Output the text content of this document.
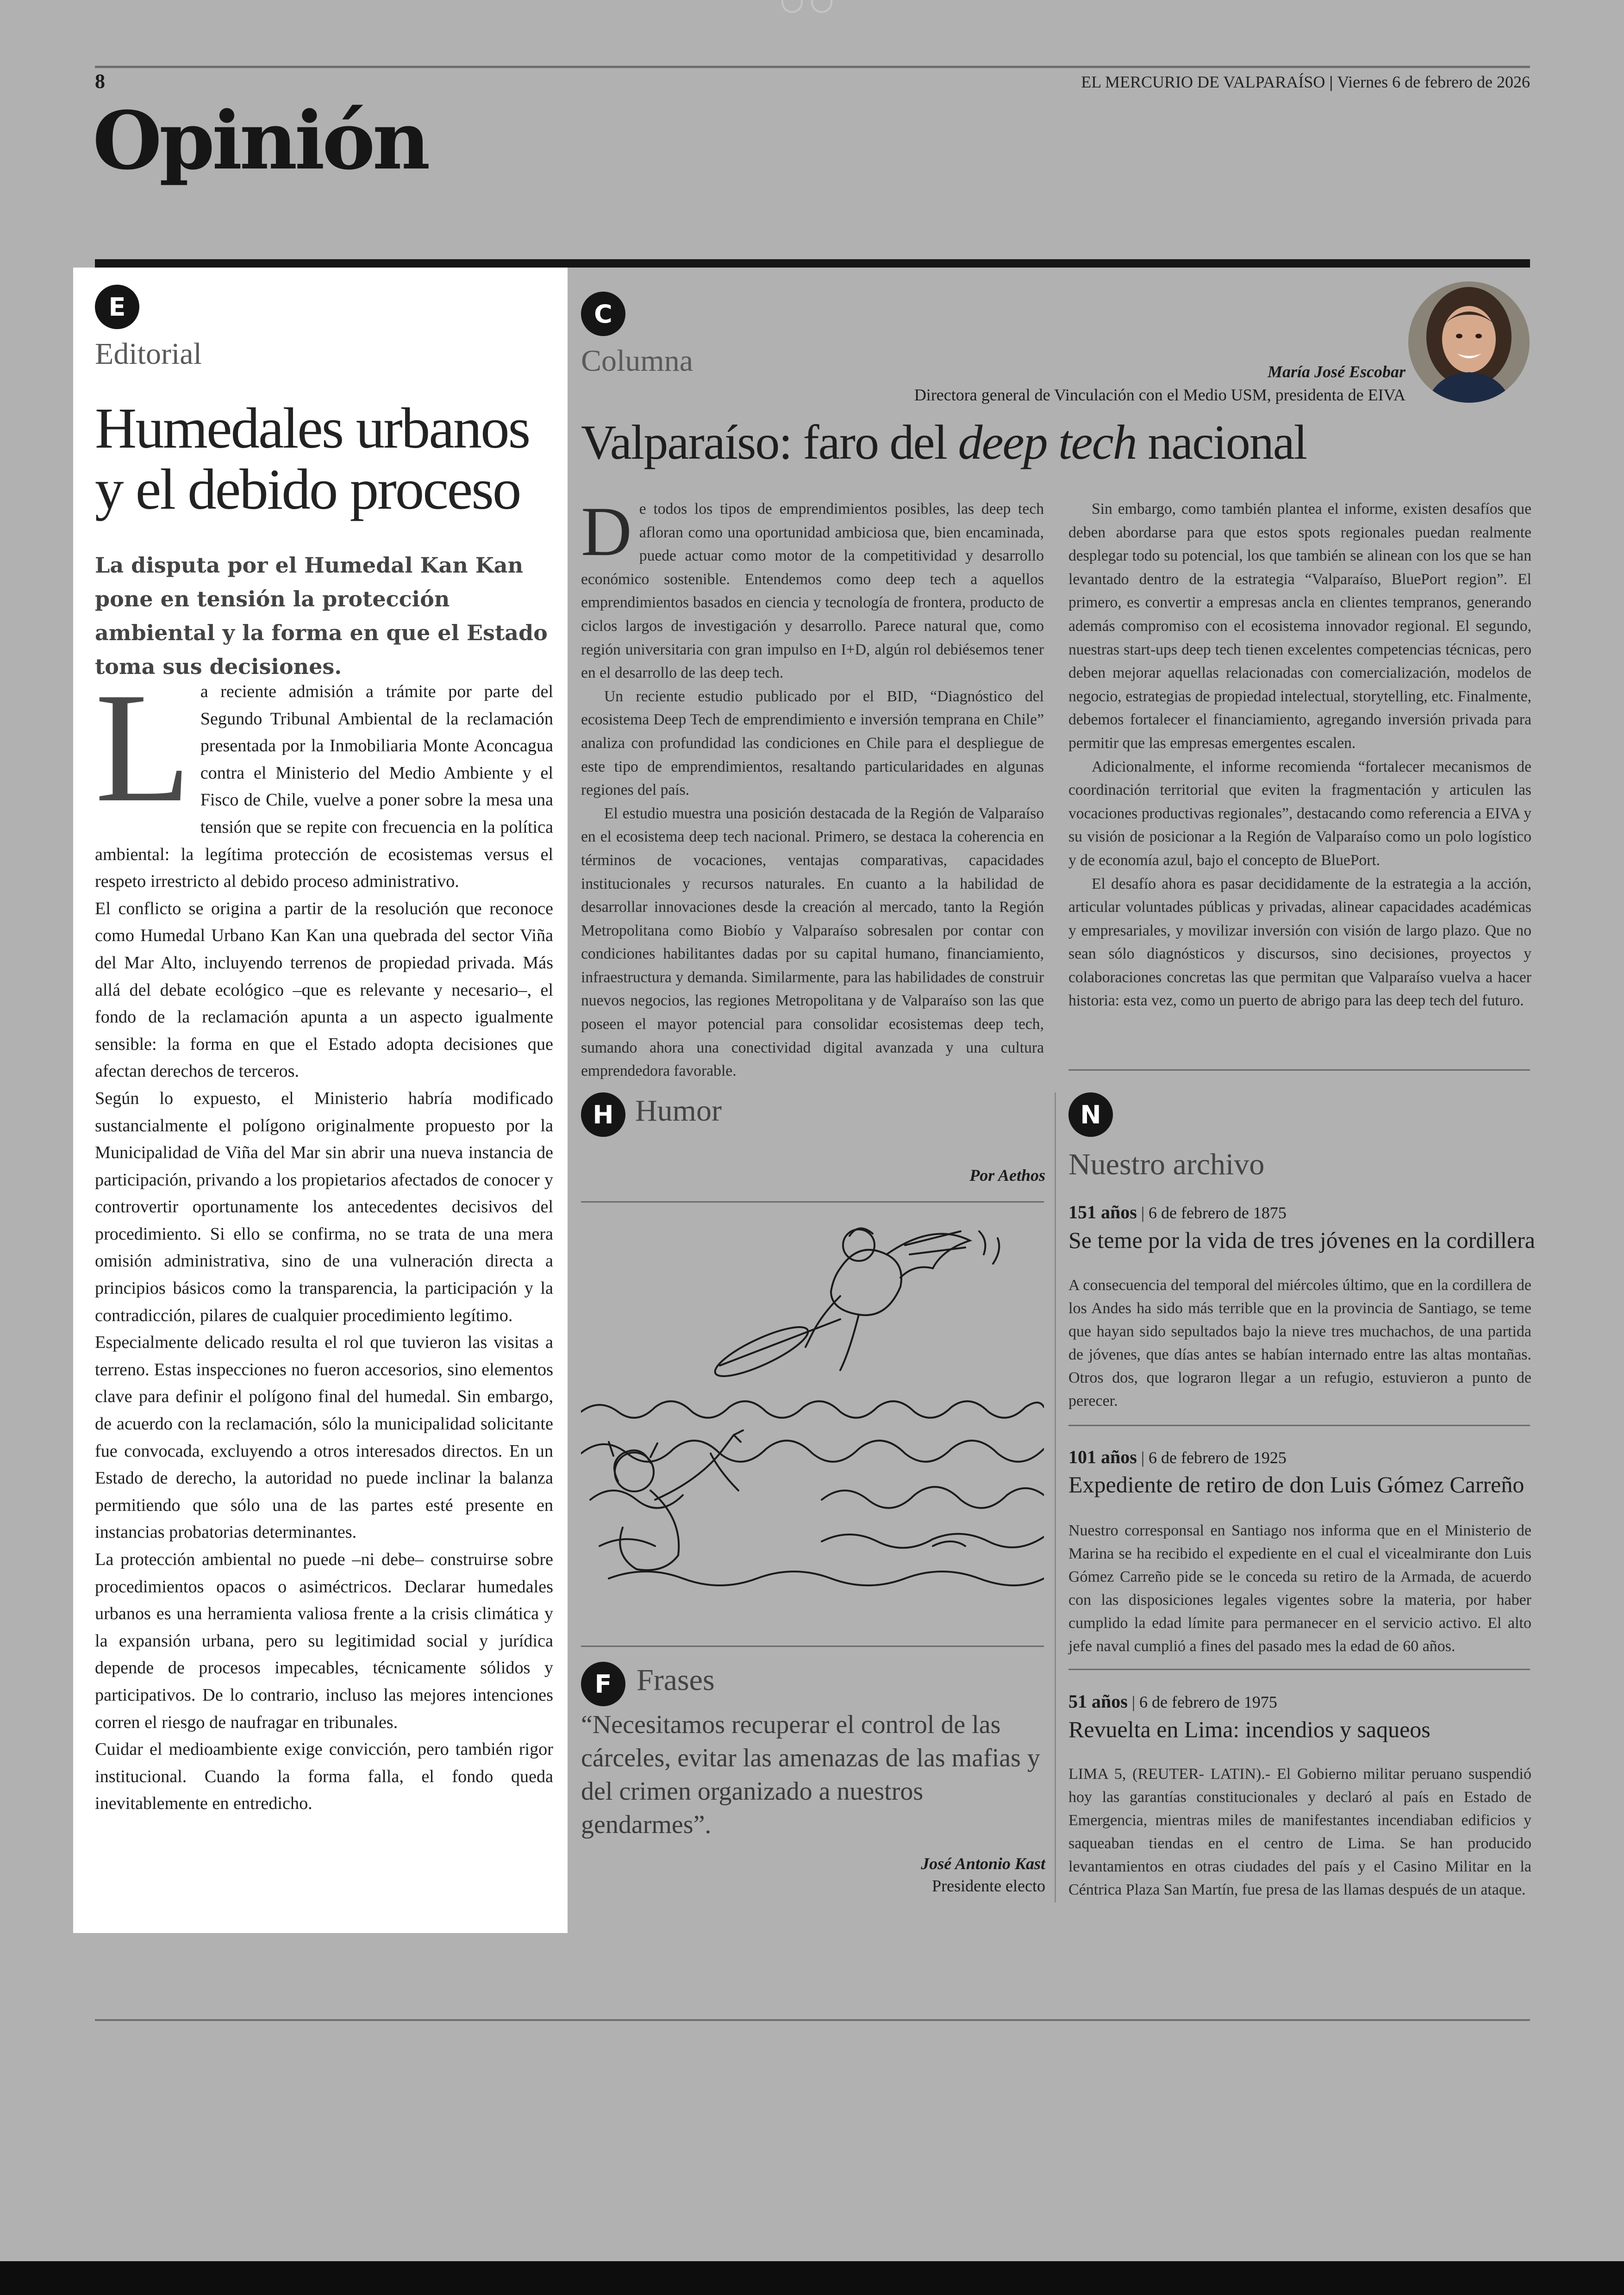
8	EL MERCURIO DE VALPARAÍSO | Viernes 6 de febrero de 2026
Opinión
E
Editorial
Humedales urbanos y el debido proceso
La disputa por el Humedal Kan Kan pone en tensión la protección ambiental y la forma en que el Estado toma sus decisiones.

La reciente admisión a trámite por parte del Segundo Tribunal Ambiental de la reclamación presentada por la Inmobiliaria Monte Aconcagua contra el Ministerio del Medio Ambiente y el Fisco de Chile, vuelve a poner sobre la mesa una tensión que se repite con frecuencia en la política ambiental: la legítima protección de ecosistemas versus el respeto irrestricto al debido proceso administrativo.

El conflicto se origina a partir de la resolución que reconoce como Humedal Urbano Kan Kan una quebrada del sector Viña del Mar Alto, incluyendo terrenos de propiedad privada. Más allá del debate ecológico –que es relevante y necesario–, el fondo de la reclamación apunta a un aspecto igualmente sensible: la forma en que el Estado adopta decisiones que afectan derechos de terceros.

Según lo expuesto, el Ministerio habría modificado sustancialmente el polígono originalmente propuesto por la Municipalidad de Viña del Mar sin abrir una nueva instancia de participación, privando a los propietarios afectados de conocer y controvertir oportunamente los antecedentes decisivos del procedimiento. Si ello se confirma, no se trata de una mera omisión administrativa, sino de una vulneración directa a principios básicos como la transparencia, la participación y la contradicción, pilares de cualquier procedimiento legítimo.

Especialmente delicado resulta el rol que tuvieron las visitas a terreno. Estas inspecciones no fueron accesorios, sino elementos clave para definir el polígono final del humedal. Sin embargo, de acuerdo con la reclamación, sólo la municipalidad solicitante fue convocada, excluyendo a otros interesados directos. En un Estado de derecho, la autoridad no puede inclinar la balanza permitiendo que sólo una de las partes esté presente en instancias probatorias determinantes.

La protección ambiental no puede –ni debe– construirse sobre procedimientos opacos o asiméctricos. Declarar humedales urbanos es una herramienta valiosa frente a la crisis climática y la expansión urbana, pero su legitimidad social y jurídica depende de procesos impecables, técnicamente sólidos y participativos. De lo contrario, incluso las mejores intenciones corren el riesgo de naufragar en tribunales.

Cuidar el medioambiente exige convicción, pero también rigor institucional. Cuando la forma falla, el fondo queda inevitablemente en entredicho.

C
Columna	María José Escobar
Directora general de Vinculación con el Medio USM, presidenta de EIVA
Valparaíso: faro del deep tech nacional

De todos los tipos de emprendimientos posibles, las deep tech afloran como una oportunidad ambiciosa que, bien encaminada, puede actuar como motor de la competitividad y desarrollo económico sostenible. Entendemos como deep tech a aquellos emprendimientos basados en ciencia y tecnología de frontera, producto de ciclos largos de investigación y desarrollo. Parece natural que, como región universitaria con gran impulso en I+D, algún rol debiésemos tener en el desarrollo de las deep tech.

Un reciente estudio publicado por el BID, “Diagnóstico del ecosistema Deep Tech de emprendimiento e inversión temprana en Chile” analiza con profundidad las condiciones en Chile para el despliegue de este tipo de emprendimientos, resaltando particularidades en algunas regiones del país.

El estudio muestra una posición destacada de la Región de Valparaíso en el ecosistema deep tech nacional. Primero, se destaca la coherencia en términos de vocaciones, ventajas comparativas, capacidades institucionales y recursos naturales. En cuanto a la habilidad de desarrollar innovaciones desde la creación al mercado, tanto la Región Metropolitana como Biobío y Valparaíso sobresalen por contar con condiciones habilitantes dadas por su capital humano, financiamiento, infraestructura y demanda. Similarmente, para las habilidades de construir nuevos negocios, las regiones Metropolitana y de Valparaíso son las que poseen el mayor potencial para consolidar ecosistemas deep tech, sumando ahora una conectividad digital avanzada y una cultura emprendedora favorable.

Sin embargo, como también plantea el informe, existen desafíos que deben abordarse para que estos spots regionales puedan realmente desplegar todo su potencial, los que también se alinean con los que se han levantado dentro de la estrategia “Valparaíso, BluePort region”. El primero, es convertir a empresas ancla en clientes tempranos, generando además compromiso con el ecosistema innovador regional. El segundo, nuestras start-ups deep tech tienen excelentes competencias técnicas, pero deben mejorar aquellas relacionadas con comercialización, modelos de negocio, estrategias de propiedad intelectual, storytelling, etc. Finalmente, debemos fortalecer el financiamiento, agregando inversión privada para permitir que las empresas emergentes escalen.

Adicionalmente, el informe recomienda “fortalecer mecanismos de coordinación territorial que eviten la fragmentación y articulen las vocaciones productivas regionales”, destacando como referencia a EIVA y su visión de posicionar a la Región de Valparaíso como un polo logístico y de economía azul, bajo el concepto de BluePort.

El desafío ahora es pasar decididamente de la estrategia a la acción, articular voluntades públicas y privadas, alinear capacidades académicas y empresariales, y movilizar inversión con visión de largo plazo. Que no sean sólo diagnósticos y discursos, sino decisiones, proyectos y colaboraciones concretas las que permitan que Valparaíso vuelva a hacer historia: esta vez, como un puerto de abrigo para las deep tech del futuro.

H Humor
Por Aethos
F Frases
“Necesitamos recuperar el control de las cárceles, evitar las amenazas de las mafias y del crimen organizado a nuestros gendarmes”.
José Antonio Kast
Presidente electo
N
Nuestro archivo
151 años | 6 de febrero de 1875
Se teme por la vida de tres jóvenes en la cordillera
A consecuencia del temporal del miércoles último, que en la cordillera de los Andes ha sido más terrible que en la provincia de Santiago, se teme que hayan sido sepultados bajo la nieve tres muchachos, de una partida de jóvenes, que días antes se habían internado entre las altas montañas. Otros dos, que lograron llegar a un refugio, estuvieron a punto de perecer.
101 años | 6 de febrero de 1925
Expediente de retiro de don Luis Gómez Carreño
Nuestro corresponsal en Santiago nos informa que en el Ministerio de Marina se ha recibido el expediente en el cual el vicealmirante don Luis Gómez Carreño pide se le conceda su retiro de la Armada, de acuerdo con las disposiciones legales vigentes sobre la materia, por haber cumplido la edad límite para permanecer en el servicio activo. El alto jefe naval cumplió a fines del pasado mes la edad de 60 años.
51 años | 6 de febrero de 1975
Revuelta en Lima: incendios y saqueos
LIMA 5, (REUTER- LATIN).- El Gobierno militar peruano suspendió hoy las garantías constitucionales y declaró al país en Estado de Emergencia, mientras miles de manifestantes incendiaban edificios y saqueaban tiendas en el centro de Lima. Se han producido levantamientos en otras ciudades del país y el Casino Militar en la Céntrica Plaza San Martín, fue presa de las llamas después de un ataque.
